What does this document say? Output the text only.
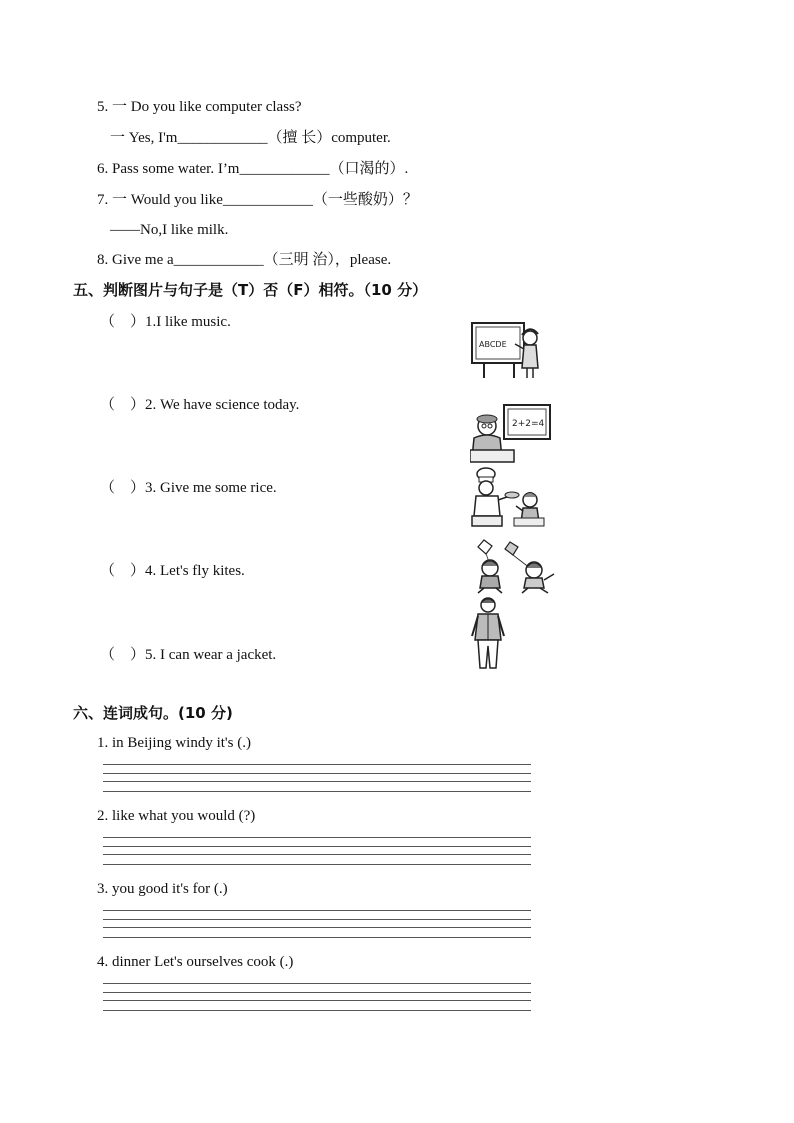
5. 一 Do you like computer class?
一 Yes, I'm____________（擅 长）computer.
6. Pass some water. I’m____________（口渴的）.
7. 一 Would you like____________（一些酸奶）？
——No,I like milk.
8. Give me a____________（三明 治），please.
五、判断图片与句子是（T）否（F）相符。（10 分）
（　）1.I like music.
（　）2. We have science today.
（　）3. Give me some rice.
（　）4. Let's fly kites.
（　）5. I can wear a jacket.
ABCDE
2+2=4
六、连词成句。(10 分)
1. in Beijing windy it's (.)
2. like what you would (?)
3. you good it's for (.)
4. dinner Let's ourselves cook (.)
